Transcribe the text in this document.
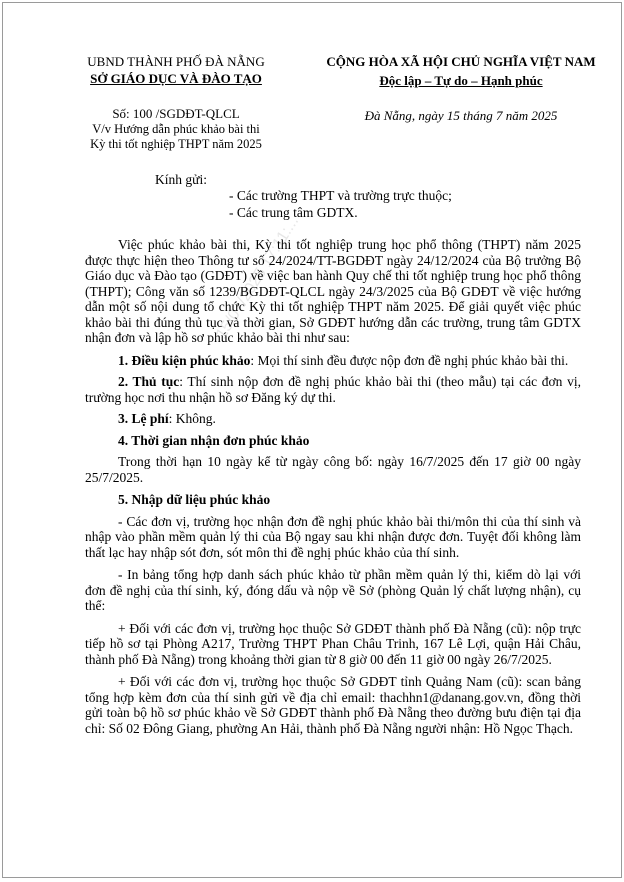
UBND THÀNH PHỐ ĐÀ NẴNG
SỞ GIÁO DỤC VÀ ĐÀO TẠO
Số: 100 /SGDĐT-QLCL
V/v Hướng dẫn phúc khảo bài thi
Kỳ thi tốt nghiệp THPT năm 2025
CỘNG HÒA XÃ HỘI CHỦ NGHĨA VIỆT NAM
Độc lập – Tự do – Hạnh phúc
Đà Nẵng, ngày 15 tháng 7 năm 2025
Kính gửi:
- Các trường THPT và trường trực thuộc;
- Các trung tâm GDTX.
15/07/2025 17:11:...

Việc phúc khảo bài thi, Kỳ thi tốt nghiệp trung học phổ thông (THPT) năm 2025 được thực hiện theo Thông tư số 24/2024/TT-BGDĐT ngày 24/12/2024 của Bộ trưởng Bộ Giáo dục và Đào tạo (GDĐT) về việc ban hành Quy chế thi tốt nghiệp trung học phổ thông (THPT); Công văn số 1239/BGDĐT-QLCL ngày 24/3/2025 của Bộ GDĐT về việc hướng dẫn một số nội dung tổ chức Kỳ thi tốt nghiệp THPT năm 2025. Để giải quyết việc phúc khảo bài thi đúng thủ tục và thời gian, Sở GDĐT hướng dẫn các trường, trung tâm GDTX nhận đơn và lập hồ sơ phúc khảo bài thi như sau:

1. Điều kiện phúc khảo: Mọi thí sinh đều được nộp đơn đề nghị phúc khảo bài thi.

2. Thủ tục: Thí sinh nộp đơn đề nghị phúc khảo bài thi (theo mẫu) tại các đơn vị, trường học nơi thu nhận hồ sơ Đăng ký dự thi.

3. Lệ phí: Không.

4. Thời gian nhận đơn phúc khảo

Trong thời hạn 10 ngày kể từ ngày công bố: ngày 16/7/2025 đến 17 giờ 00 ngày 25/7/2025.

5. Nhập dữ liệu phúc khảo

- Các đơn vị, trường học nhận đơn đề nghị phúc khảo bài thi/môn thi của thí sinh và nhập vào phần mềm quản lý thi của Bộ ngay sau khi nhận được đơn. Tuyệt đối không làm thất lạc hay nhập sót đơn, sót môn thi đề nghị phúc khảo của thí sinh.

- In bảng tổng hợp danh sách phúc khảo từ phần mềm quản lý thi, kiểm dò lại với đơn đề nghị của thí sinh, ký, đóng dấu và nộp về Sở (phòng Quản lý chất lượng nhận), cụ thể:

+ Đối với các đơn vị, trường học thuộc Sở GDĐT thành phố Đà Nẵng (cũ): nộp trực tiếp hồ sơ tại Phòng A217, Trường THPT Phan Châu Trinh, 167 Lê Lợi, quận Hải Châu, thành phố Đà Nẵng) trong khoảng thời gian từ 8 giờ 00 đến 11 giờ 00 ngày 26/7/2025.

+ Đối với các đơn vị, trường học thuộc Sở GDĐT tỉnh Quảng Nam (cũ): scan bảng tổng hợp kèm đơn của thí sinh gửi về địa chỉ email: thachhn1@danang.gov.vn, đồng thời gửi toàn bộ hồ sơ phúc khảo về Sở GDĐT thành phố Đà Nẵng theo đường bưu điện tại địa chỉ: Số 02 Đông Giang, phường An Hải, thành phố Đà Nẵng người nhận: Hồ Ngọc Thạch.
